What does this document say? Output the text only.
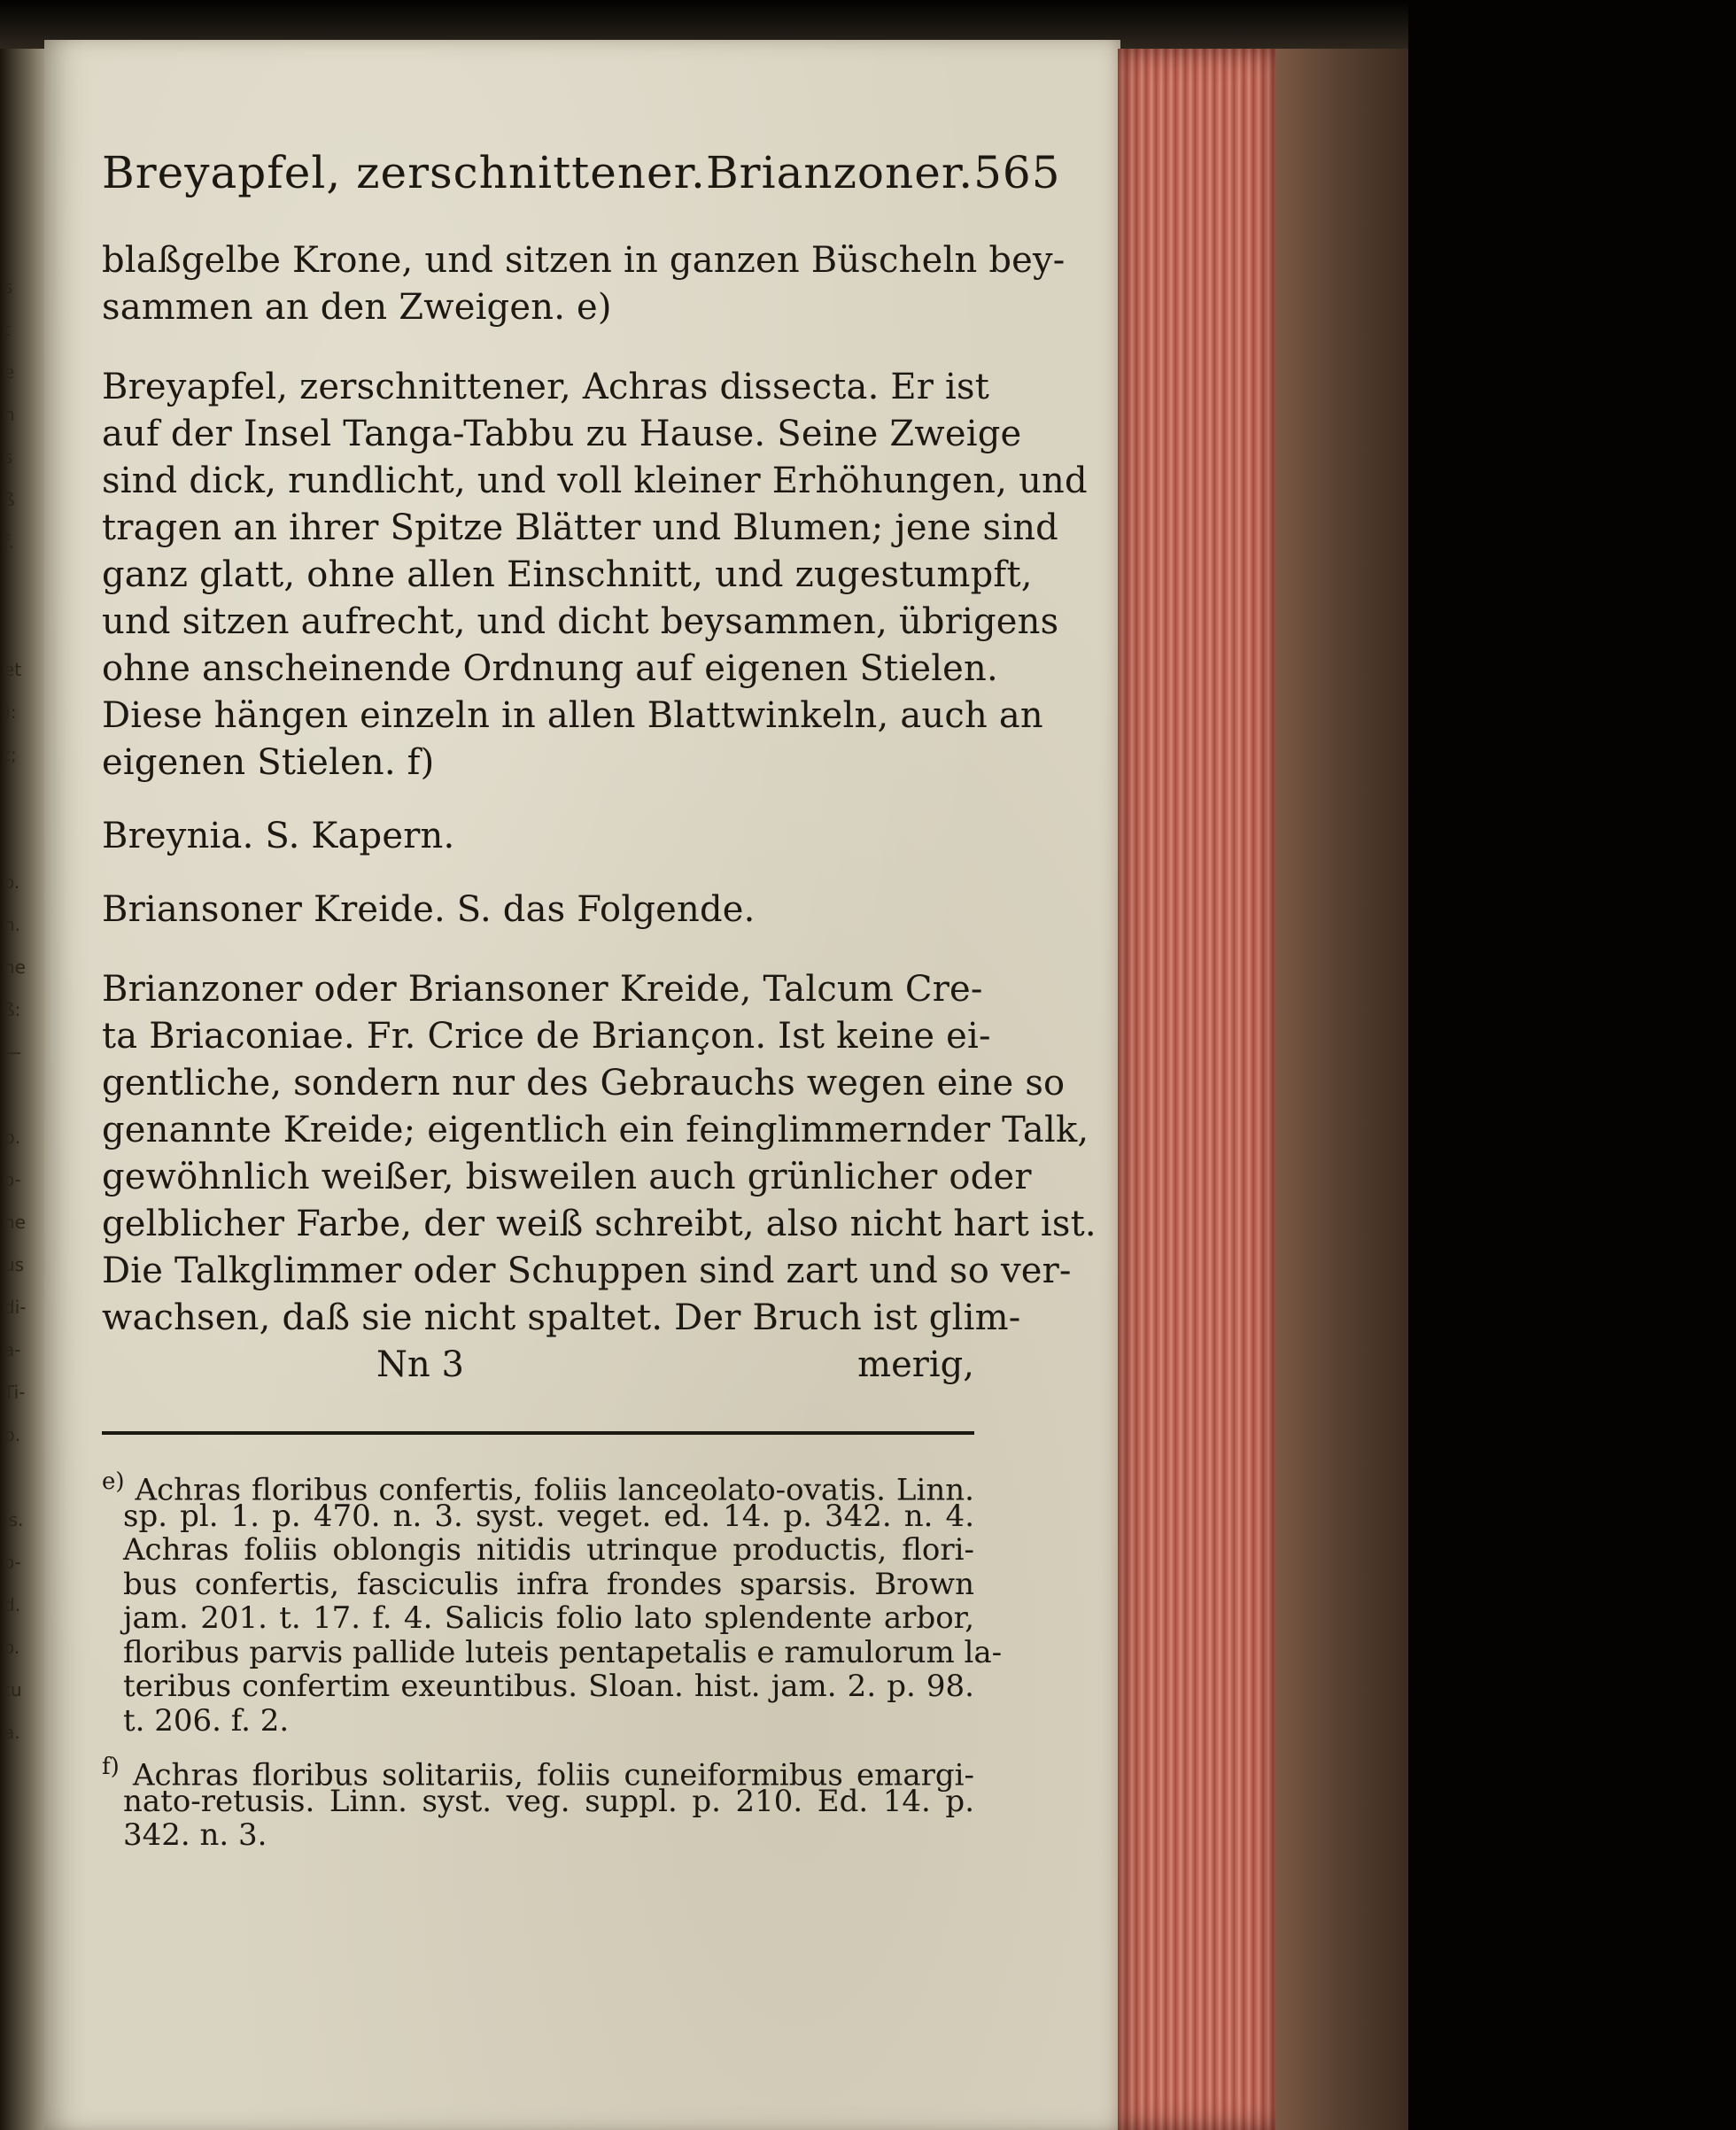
s
t
e
n
s
ß
f.
et
):
t;
o.
n.
ne
ß:
—
p.
o-
ne
us
di-
a-
Ti-
p.
is.
o-
d.
o.
tu
a.
Breyapfel, zerschnittener. Brianzoner. 565
blaßgelbe Krone, und sitzen in ganzen Büscheln bey-
sammen an den Zweigen. e)
Breyapfel, zerschnittener, Achras dissecta. Er ist
auf der Insel Tanga-Tabbu zu Hause. Seine Zweige
sind dick, rundlicht, und voll kleiner Erhöhungen, und
tragen an ihrer Spitze Blätter und Blumen; jene sind
ganz glatt, ohne allen Einschnitt, und zugestumpft,
und sitzen aufrecht, und dicht beysammen, übrigens
ohne anscheinende Ordnung auf eigenen Stielen.
Diese hängen einzeln in allen Blattwinkeln, auch an
eigenen Stielen. f)
Breynia. S. Kapern.
Briansoner Kreide. S. das Folgende.
Brianzoner oder Briansoner Kreide, Talcum Cre-
ta Briaconiae. Fr. Crice de Briançon. Ist keine ei-
gentliche, sondern nur des Gebrauchs wegen eine so
genannte Kreide; eigentlich ein feinglimmernder Talk,
gewöhnlich weißer, bisweilen auch grünlicher oder
gelblicher Farbe, der weiß schreibt, also nicht hart ist.
Die Talkglimmer oder Schuppen sind zart und so ver-
wachsen, daß sie nicht spaltet. Der Bruch ist glim-
Nn 3	merig,
$^{e)}$ Achras floribus confertis, foliis lanceolato-ovatis. Linn.
sp. pl. 1. p. 470. n. 3. syst. veget. ed. 14. p. 342. n. 4.
Achras foliis oblongis nitidis utrinque productis, flori-
bus confertis, fasciculis infra frondes sparsis. Brown
jam. 201. t. 17. f. 4. Salicis folio lato splendente arbor,
floribus parvis pallide luteis pentapetalis e ramulorum la-
teribus confertim exeuntibus. Sloan. hist. jam. 2. p. 98.
t. 206. f. 2.
$^{f)}$ Achras floribus solitariis, foliis cuneiformibus emargi-
nato-retusis. Linn. syst. veg. suppl. p. 210. Ed. 14. p.
342. n. 3.
